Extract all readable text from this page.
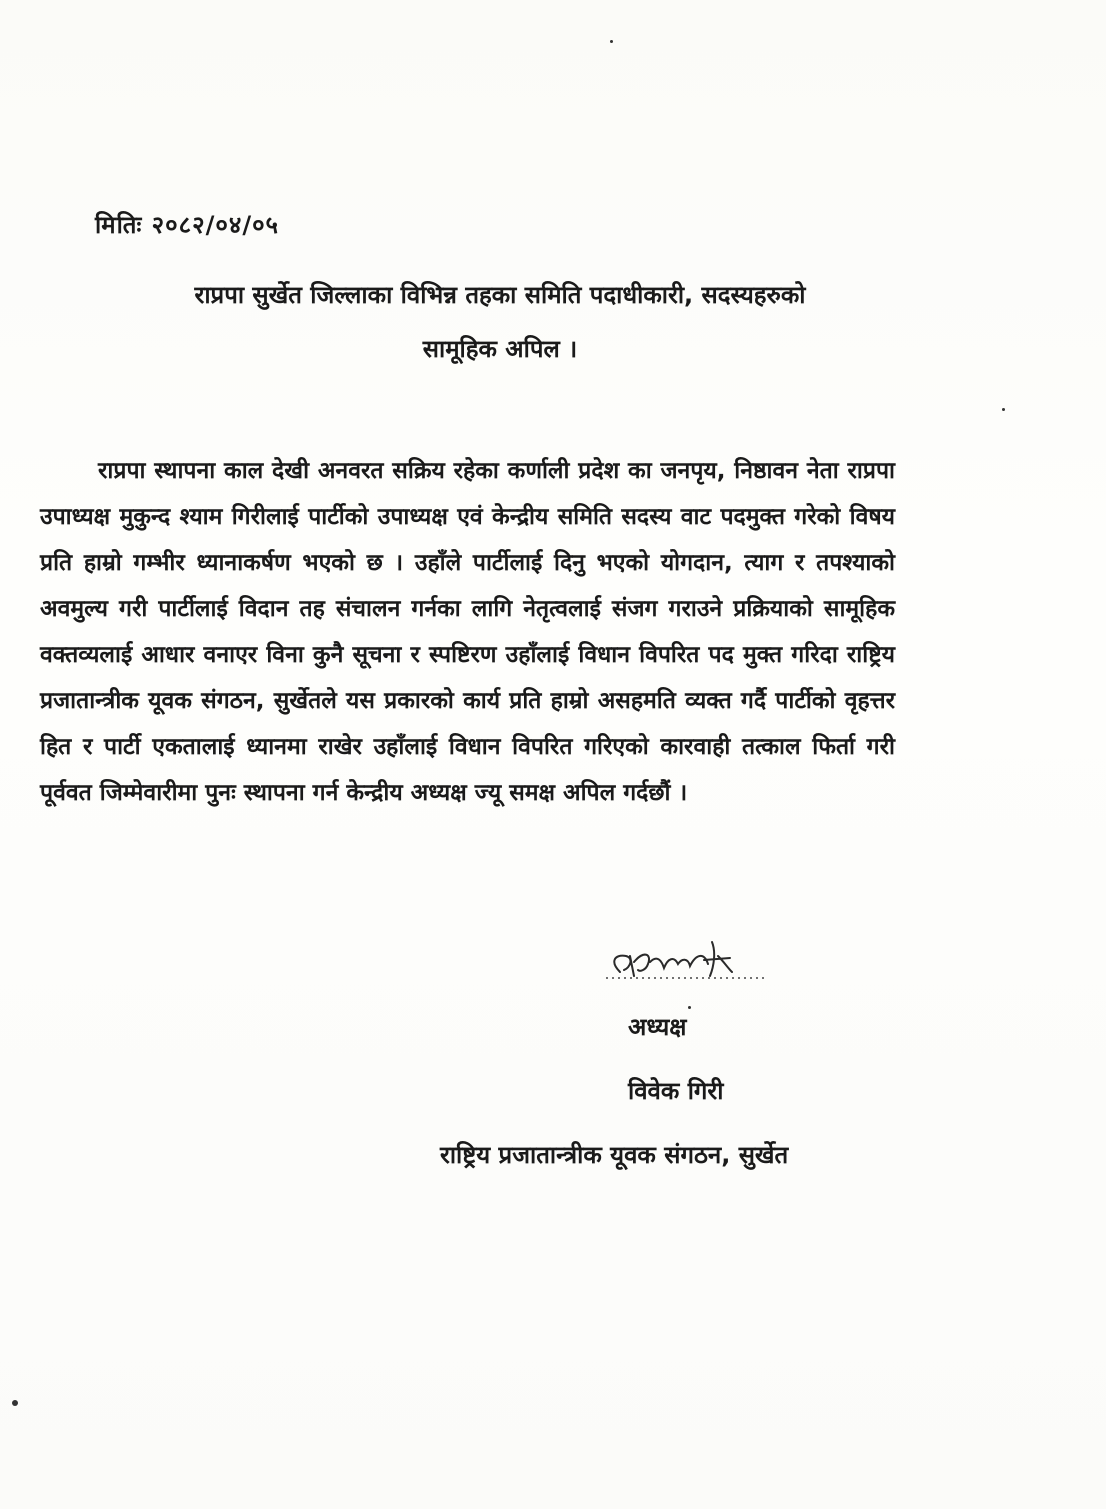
मितिः २०८२/०४/०५
राप्रपा सुर्खेत जिल्लाका विभिन्न तहका समिति पदाधीकारी, सदस्यहरुको
सामूहिक अपिल ।
राप्रपा स्थापना काल देखी अनवरत सक्रिय रहेका कर्णाली प्रदेश का जनपृय, निष्ठावन नेता राप्रपा उपाध्यक्ष मुकुन्द श्याम गिरीलाई पार्टीको उपाध्यक्ष एवं केन्द्रीय समिति सदस्य वाट पदमुक्त गरेको विषय प्रति हाम्रो गम्भीर ध्यानाकर्षण भएको छ । उहाँले पार्टीलाई दिनु भएको योगदान, त्याग र तपश्याको अवमुल्य गरी पार्टीलाई विदान तह संचालन गर्नका लागि नेतृत्वलाई संजग गराउने प्रक्रियाको सामूहिक वक्तव्यलाई आधार वनाएर विना कुनै सूचना र स्पष्टिरण उहाँलाई विधान विपरित पद मुक्त गरिदा राष्ट्रिय प्रजातान्त्रीक यूवक संगठन, सुर्खेतले यस प्रकारको कार्य प्रति हाम्रो असहमति व्यक्त गर्दै पार्टीको वृहत्तर हित र पार्टी एकतालाई ध्यानमा राखेर उहाँलाई विधान विपरित गरिएको कारवाही तत्काल फिर्ता गरी पूर्ववत जिम्मेवारीमा पुनः स्थापना गर्न केन्द्रीय अध्यक्ष ज्यू समक्ष अपिल गर्दछौं ।
अध्यक्ष
विवेक गिरी
राष्ट्रिय प्रजातान्त्रीक यूवक संगठन, सुर्खेत
